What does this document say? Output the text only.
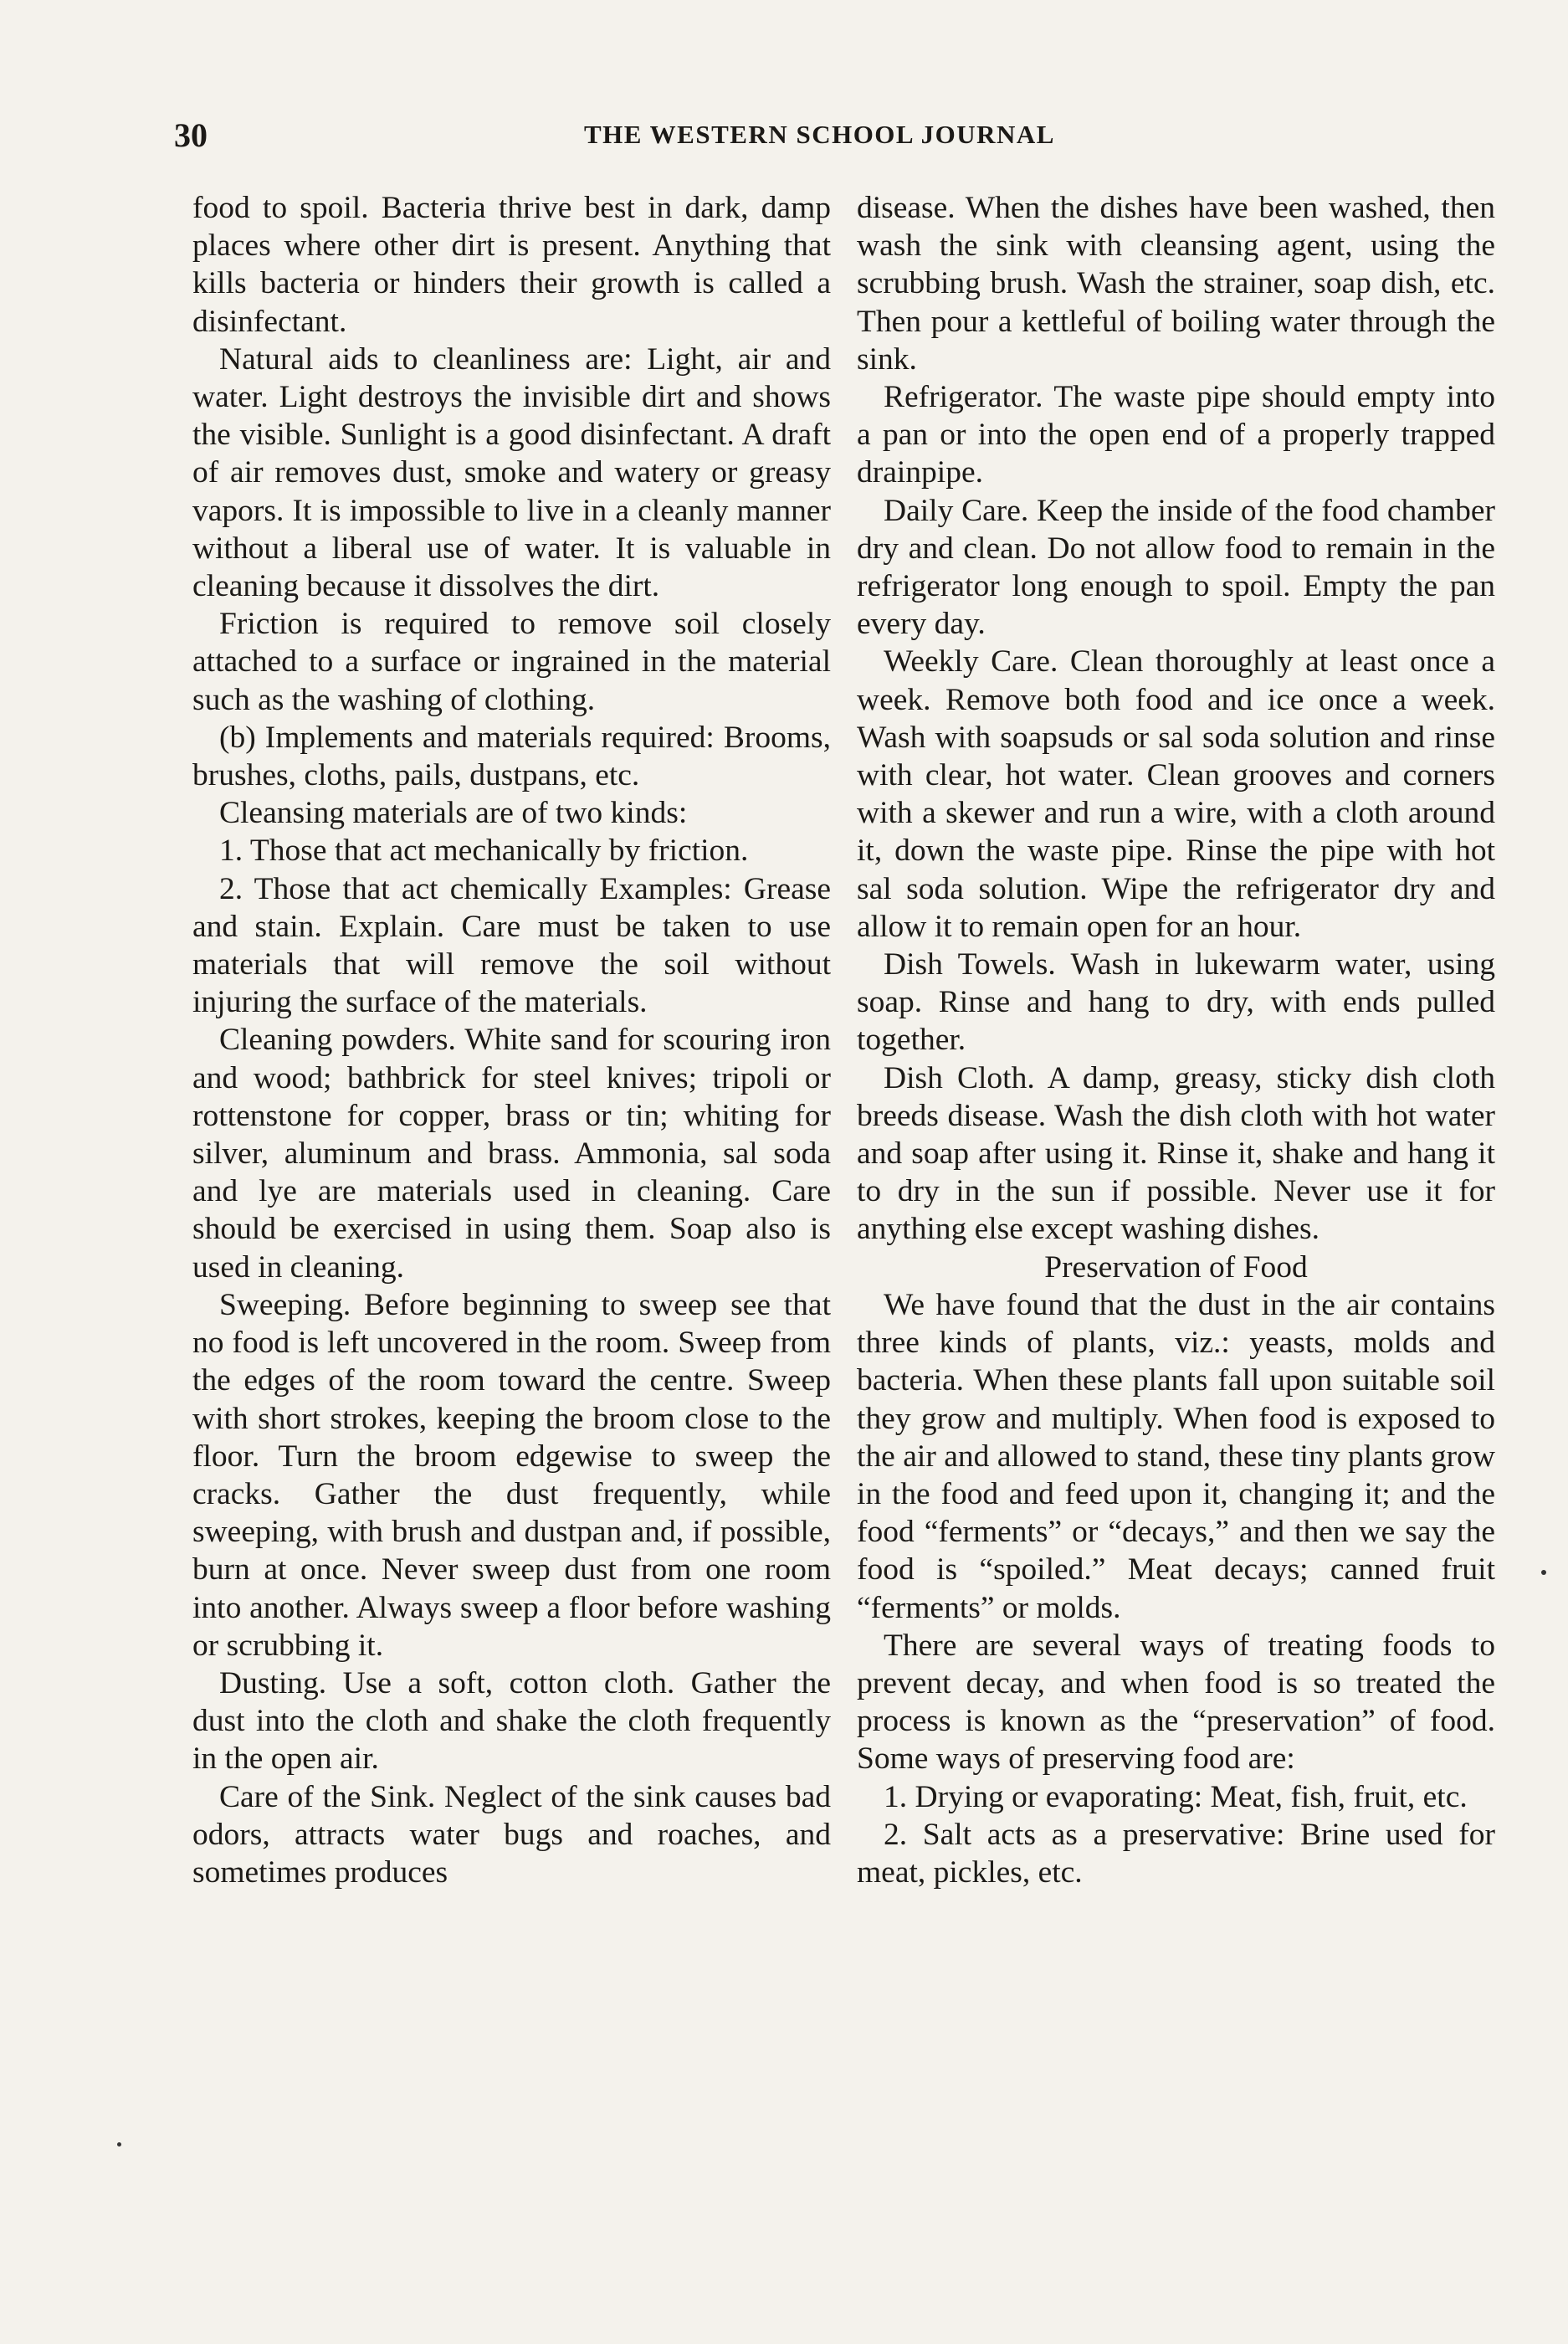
30	THE WESTERN SCHOOL JOURNAL

food to spoil. Bacteria thrive best in dark, damp places where other dirt is present. Anything that kills bacteria or hinders their growth is called a disinfectant.

Natural aids to cleanliness are: Light, air and water. Light destroys the invisible dirt and shows the visible. Sunlight is a good disinfectant. A draft of air removes dust, smoke and watery or greasy vapors. It is impossible to live in a cleanly manner without a liberal use of water. It is valuable in cleaning because it dissolves the dirt.

Friction is required to remove soil closely attached to a surface or ingrained in the material such as the washing of clothing.

(b) Implements and materials required: Brooms, brushes, cloths, pails, dustpans, etc.

Cleansing materials are of two kinds:

1. Those that act mechanically by friction.

2. Those that act chemically Examples: Grease and stain. Explain. Care must be taken to use materials that will remove the soil without injuring the surface of the materials.

Cleaning powders. White sand for scouring iron and wood; bathbrick for steel knives; tripoli or rottenstone for copper, brass or tin; whiting for silver, aluminum and brass. Ammonia, sal soda and lye are materials used in cleaning. Care should be exercised in using them. Soap also is used in cleaning.

Sweeping. Before beginning to sweep see that no food is left uncovered in the room. Sweep from the edges of the room toward the centre. Sweep with short strokes, keeping the broom close to the floor. Turn the broom edgewise to sweep the cracks. Gather the dust frequently, while sweeping, with brush and dustpan and, if possible, burn at once. Never sweep dust from one room into another. Always sweep a floor before washing or scrubbing it.

Dusting. Use a soft, cotton cloth. Gather the dust into the cloth and shake the cloth frequently in the open air.

Care of the Sink. Neglect of the sink causes bad odors, attracts water bugs and roaches, and sometimes produces

disease. When the dishes have been washed, then wash the sink with cleansing agent, using the scrubbing brush. Wash the strainer, soap dish, etc. Then pour a kettleful of boiling water through the sink.

Refrigerator. The waste pipe should empty into a pan or into the open end of a properly trapped drainpipe.

Daily Care. Keep the inside of the food chamber dry and clean. Do not allow food to remain in the refrigerator long enough to spoil. Empty the pan every day.

Weekly Care. Clean thoroughly at least once a week. Remove both food and ice once a week. Wash with soapsuds or sal soda solution and rinse with clear, hot water. Clean grooves and corners with a skewer and run a wire, with a cloth around it, down the waste pipe. Rinse the pipe with hot sal soda solution. Wipe the refrigerator dry and allow it to remain open for an hour.

Dish Towels. Wash in lukewarm water, using soap. Rinse and hang to dry, with ends pulled together.

Dish Cloth. A damp, greasy, sticky dish cloth breeds disease. Wash the dish cloth with hot water and soap after using it. Rinse it, shake and hang it to dry in the sun if possible. Never use it for anything else except washing dishes.

Preservation of Food

We have found that the dust in the air contains three kinds of plants, viz.: yeasts, molds and bacteria. When these plants fall upon suitable soil they grow and multiply. When food is exposed to the air and allowed to stand, these tiny plants grow in the food and feed upon it, changing it; and the food “ferments” or “decays,” and then we say the food is “spoiled.” Meat decays; canned fruit “ferments” or molds.

There are several ways of treating foods to prevent decay, and when food is so treated the process is known as the “preservation” of food. Some ways of preserving food are:

1. Drying or evaporating: Meat, fish, fruit, etc.

2. Salt acts as a preservative: Brine used for meat, pickles, etc.
